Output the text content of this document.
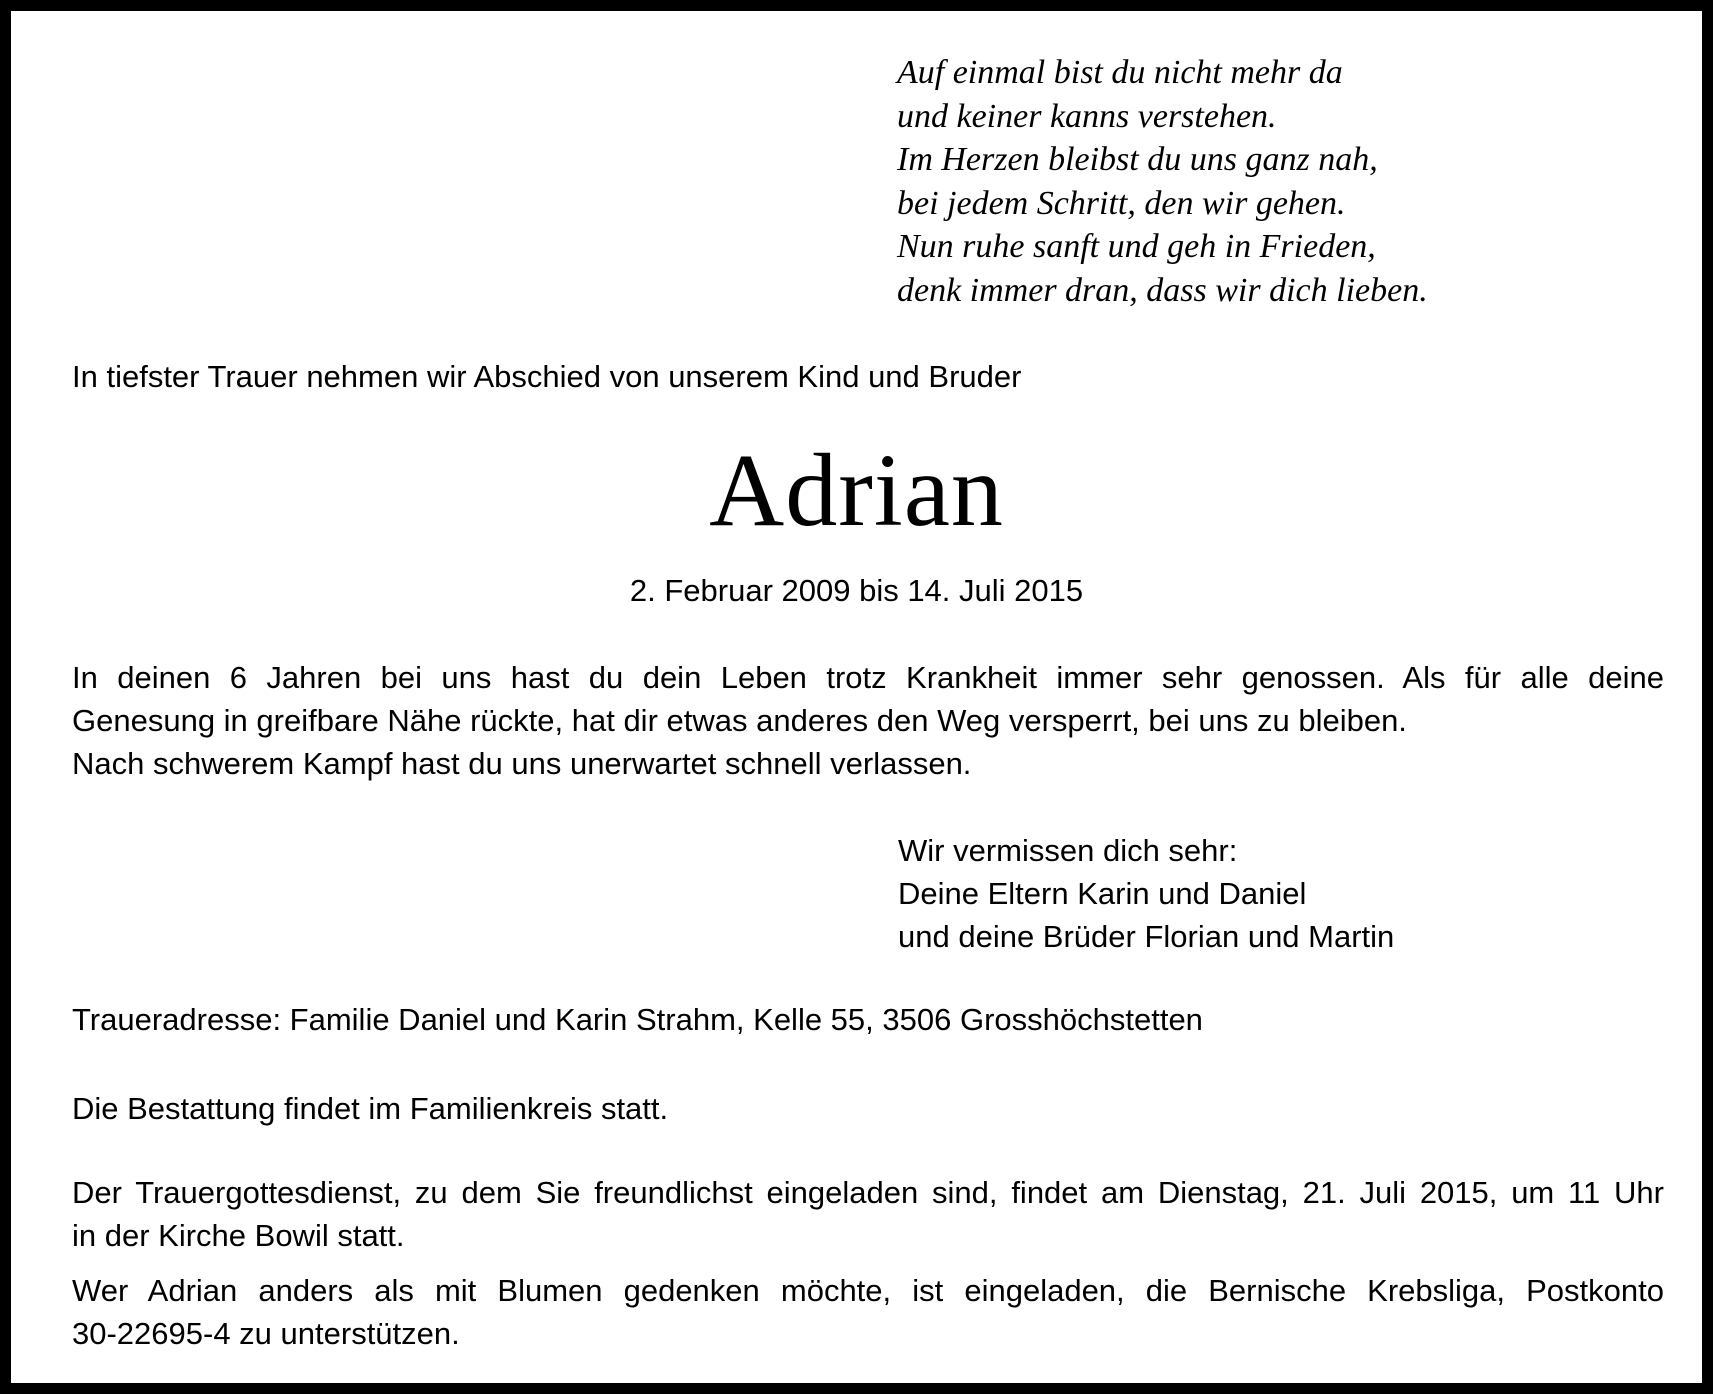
Auf einmal bist du nicht mehr da
und keiner kanns verstehen.
Im Herzen bleibst du uns ganz nah,
bei jedem Schritt, den wir gehen.
Nun ruhe sanft und geh in Frieden,
denk immer dran, dass wir dich lieben.
In tiefster Trauer nehmen wir Abschied von unserem Kind und Bruder
Adrian
2. Februar 2009 bis 14. Juli 2015
In deinen 6 Jahren bei uns hast du dein Leben trotz Krankheit immer sehr genossen. Als für alle deine
Genesung in greifbare Nähe rückte, hat dir etwas anderes den Weg versperrt, bei uns zu bleiben.
Nach schwerem Kampf hast du uns unerwartet schnell verlassen.
Wir vermissen dich sehr:
Deine Eltern Karin und Daniel
und deine Brüder Florian und Martin
Traueradresse: Familie Daniel und Karin Strahm, Kelle 55, 3506 Grosshöchstetten
Die Bestattung findet im Familienkreis statt.
Der Trauergottesdienst, zu dem Sie freundlichst eingeladen sind, findet am Dienstag, 21. Juli 2015, um 11 Uhr
in der Kirche Bowil statt.
Wer Adrian anders als mit Blumen gedenken möchte, ist eingeladen, die Bernische Krebsliga, Postkonto
30-22695-4 zu unterstützen.
